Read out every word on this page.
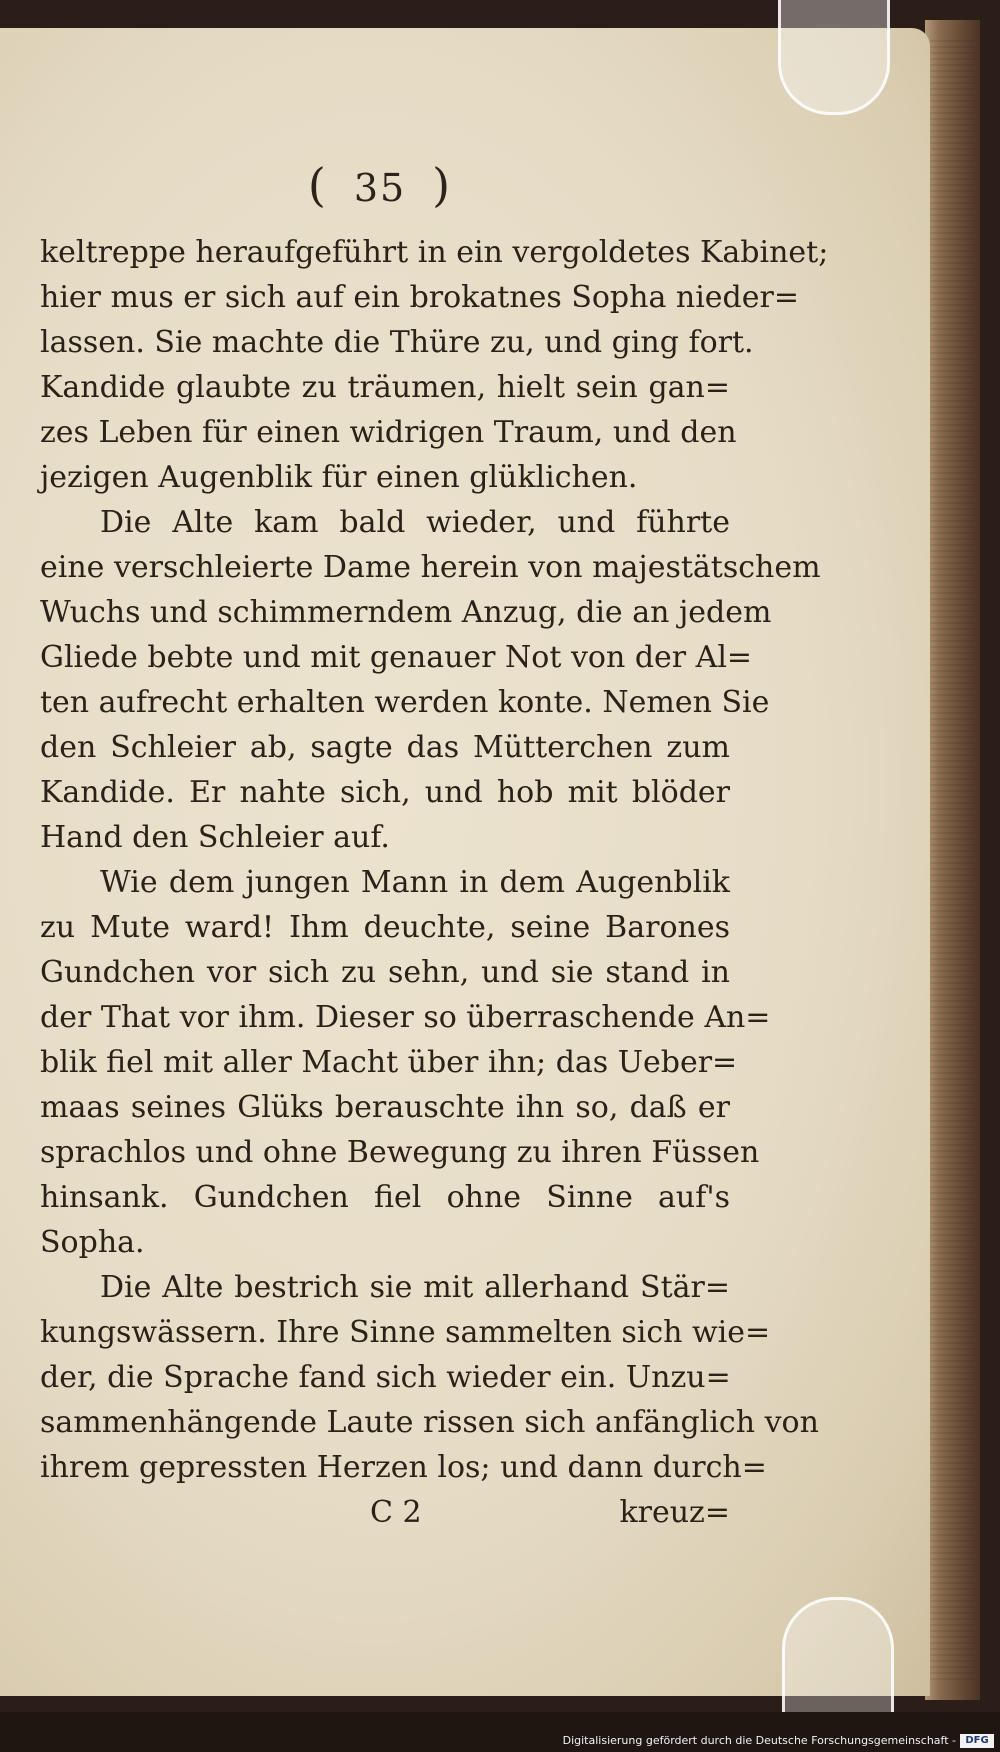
( 35 )
keltreppe heraufgeführt in ein vergoldetes Kabinet;
hier mus er sich auf ein brokatnes Sopha nieder=
lassen. Sie machte die Thüre zu, und ging fort.
Kandide glaubte zu träumen, hielt sein gan=
zes Leben für einen widrigen Traum, und den
jezigen Augenblik für einen glüklichen.
Die Alte kam bald wieder, und führte
eine verschleierte Dame herein von majestätschem
Wuchs und schimmerndem Anzug, die an jedem
Gliede bebte und mit genauer Not von der Al=
ten aufrecht erhalten werden konte. Nemen Sie
den Schleier ab, sagte das Mütterchen zum
Kandide. Er nahte sich, und hob mit blöder
Hand den Schleier auf.
Wie dem jungen Mann in dem Augenblik
zu Mute ward! Ihm deuchte, seine Barones
Gundchen vor sich zu sehn, und sie stand in
der That vor ihm. Dieser so überraschende An=
blik fiel mit aller Macht über ihn; das Ueber=
maas seines Glüks berauschte ihn so, daß er
sprachlos und ohne Bewegung zu ihren Füssen
hinsank. Gundchen fiel ohne Sinne auf's
Sopha.
Die Alte bestrich sie mit allerhand Stär=
kungswässern. Ihre Sinne sammelten sich wie=
der, die Sprache fand sich wieder ein. Unzu=
sammenhängende Laute rissen sich anfänglich von
ihrem gepressten Herzen los; und dann durch=
C 2	kreuz=
Digitalisierung gefördert durch die Deutsche Forschungsgemeinschaft - DFG
